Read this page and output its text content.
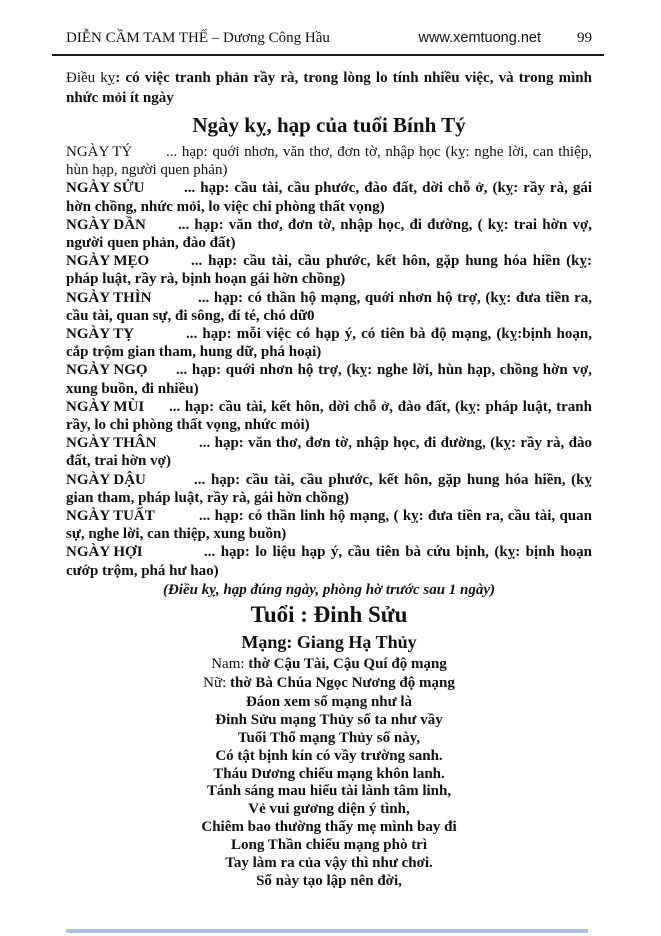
DIỄN CẦM TAM THẾ – Dương Công Hầu	www.xemtuong.net 99

Điều kỵ: có việc tranh phản rầy rà, trong lòng lo tính nhiều việc, và trong mình nhức mỏi ít ngày

Ngày kỵ, hạp của tuổi Bính Tý

NGÀY TÝ ... hạp: quới nhơn, văn thơ, đơn tờ, nhập học (kỵ: nghe lời, can thiệp, hùn hạp, người quen phản)

NGÀY SỬU	... hạp: cầu tài, cầu phước, đào đất, dời chỗ ở, (kỵ: rầy rà, gái hờn chồng, nhức mỏi, lo việc chi phòng thất vọng)

NGÀY DẦN ... hạp: văn thơ, đơn tờ, nhập học, đi đường, ( kỵ: trai hờn vợ, người quen phản, đào đất)

NGÀY MẸO	... hạp: cầu tài, cầu phước, kết hôn, gặp hung hóa hiền (kỵ: pháp luật, rầy rà, bịnh hoạn gái hờn chồng)

NGÀY THÌN	... hạp: có thần hộ mạng, quới nhơn hộ trợ, (kỵ: đưa tiền ra, cầu tài, quan sự, đi sông, đí té, chó dữ0

NGÀY TỴ	... hạp: mỗi việc có hạp ý, có tiên bà độ mạng, (kỵ:bịnh hoạn, cắp trộm gian tham, hung dữ, phá hoại)

NGÀY NGỌ ... hạp: quới nhơn hộ trợ, (kỵ: nghe lời, hùn hạp, chồng hờn vợ, xung buồn, đi nhiều)

NGÀY MÙI ... hạp: cầu tài, kết hôn, dời chỗ ở, đào đất, (kỵ: pháp luật, tranh rầy, lo chi phòng thất vọng, nhức mỏi)

NGÀY THÂN	... hạp: văn thơ, đơn tờ, nhập học, đi đường, (kỵ: rầy rà, đào đất, trai hờn vợ)

NGÀY DẬU	... hạp: cầu tài, cầu phước, kết hôn, gặp hung hóa hiền, (kỵ gian tham, pháp luật, rầy rà, gái hờn chồng)

NGÀY TUẤT	... hạp: có thần linh hộ mạng, ( kỵ: đưa tiền ra, cầu tài, quan sự, nghe lời, can thiệp, xung buồn)

NGÀY HỢI	... hạp: lo liệu hạp ý, cầu tiên bà cứu bịnh, (kỵ: bịnh hoạn cướp trộm, phá hư hao)

(Điều kỵ, hạp đúng ngày, phòng hờ trước sau 1 ngày)

Tuổi : Đinh Sửu
Mạng: Giang Hạ Thủy

Nam: thờ Cậu Tài, Cậu Quí độ mạng

Nữ: thờ Bà Chúa Ngọc Nương độ mạng

Đáon xem số mạng như là

Đinh Sửu mạng Thủy số ta như vầy

Tuổi Thổ mạng Thủy số này,

Có tật bịnh kín có vầy trường sanh.

Tháu Dương chiếu mạng khôn lanh.

Tánh sáng mau hiểu tài lành tâm linh,

Vẻ vui gương diện ý tình,

Chiêm bao thường thấy mẹ mình bay đi

Long Thần chiếu mạng phò trì

Tay làm ra của vậy thì như chơi.

Số này tạo lập nên đời,
